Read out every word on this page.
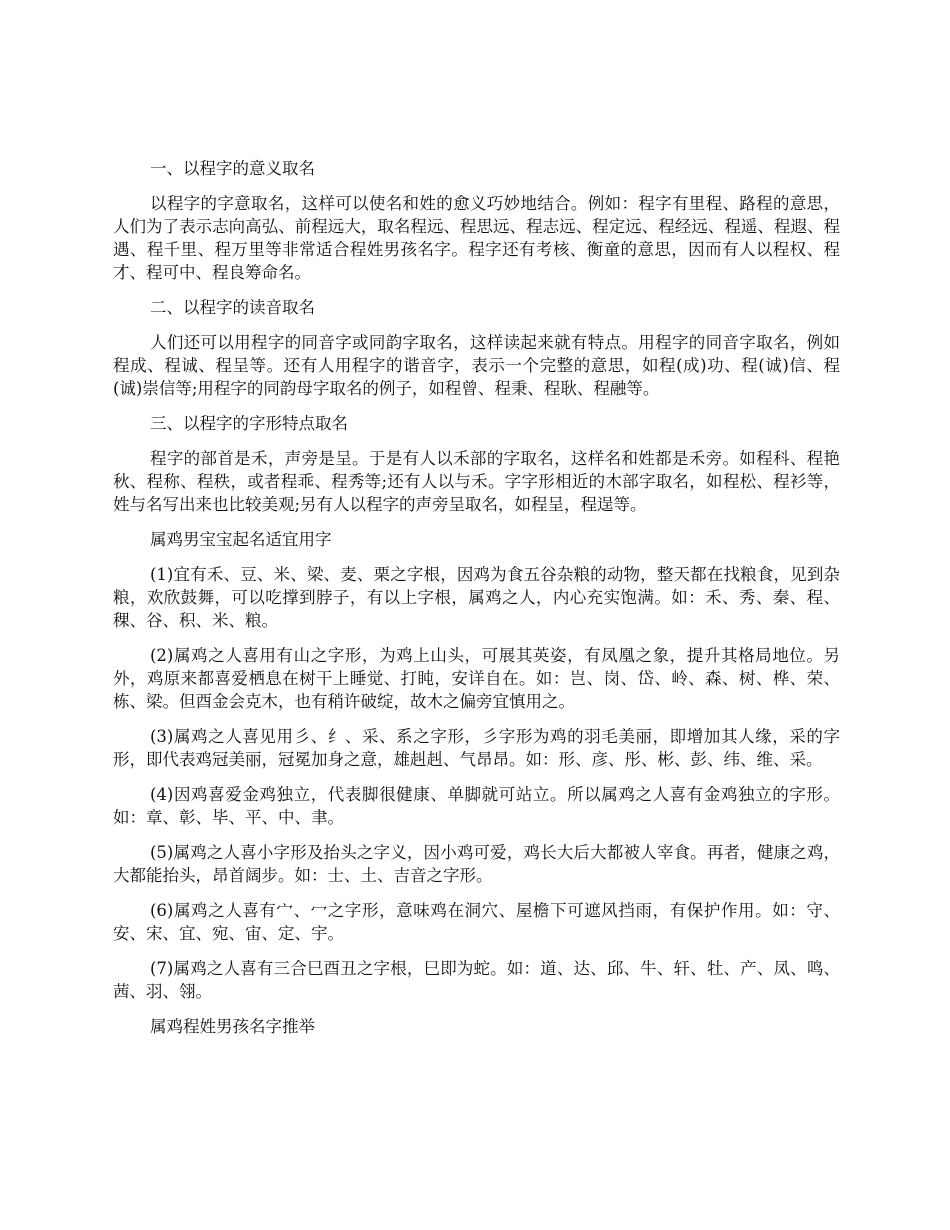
一、以程字的意义取名

以程字的字意取名，这样可以使名和姓的愈义巧妙地结合。例如：程字有里程、路程的意思，人们为了表示志向高弘、前程远大，取名程远、程思远、程志远、程定远、程经远、程遥、程遐、程遇、程千里、程万里等非常适合程姓男孩名字。程字还有考核、衡童的意思，因而有人以程权、程才、程可中、程良筹命名。

二、以程字的读音取名

人们还可以用程字的同音字或同韵字取名，这样读起来就有特点。用程字的同音字取名，例如程成、程诚、程呈等。还有人用程字的谐音字，表示一个完整的意思，如程(成)功、程(诚)信、程(诚)崇信等;用程字的同韵母字取名的例子，如程曾、程秉、程耿、程融等。

三、以程字的字形特点取名

程字的部首是禾，声旁是呈。于是有人以禾部的字取名，这样名和姓都是禾旁。如程科、程艳秋、程称、程秩，或者程乖、程秀等;还有人以与禾。字字形相近的木部字取名，如程松、程衫等，姓与名写出来也比较美观;另有人以程字的声旁呈取名，如程呈，程逞等。

属鸡男宝宝起名适宜用字

(1)宜有禾、豆、米、梁、麦、栗之字根，因鸡为食五谷杂粮的动物，整天都在找粮食，见到杂粮，欢欣鼓舞，可以吃撑到脖子，有以上字根，属鸡之人，内心充实饱满。如：禾、秀、秦、程、稞、谷、积、米、粮。

(2)属鸡之人喜用有山之字形，为鸡上山头，可展其英姿，有凤凰之象，提升其格局地位。另外，鸡原来都喜爱栖息在树干上睡觉、打盹，安详自在。如：岂、岗、岱、岭、森、树、桦、荣、栋、梁。但酉金会克木，也有稍许破绽，故木之偏旁宜慎用之。

(3)属鸡之人喜见用彡、纟、采、系之字形，彡字形为鸡的羽毛美丽，即增加其人缘，采的字形，即代表鸡冠美丽，冠冕加身之意，雄赳赳、气昂昂。如：形、彦、彤、彬、彭、纬、维、采。

(4)因鸡喜爱金鸡独立，代表脚很健康、单脚就可站立。所以属鸡之人喜有金鸡独立的字形。如：章、彰、毕、平、中、聿。

(5)属鸡之人喜小字形及抬头之字义，因小鸡可爱，鸡长大后大都被人宰食。再者，健康之鸡，大都能抬头，昂首阔步。如：士、土、吉音之字形。

(6)属鸡之人喜有宀、冖之字形，意味鸡在洞穴、屋檐下可遮风挡雨，有保护作用。如：守、安、宋、宜、宛、宙、定、宇。

(7)属鸡之人喜有三合巳酉丑之字根，巳即为蛇。如：道、达、邱、牛、轩、牡、产、凤、鸣、茜、羽、翎。

属鸡程姓男孩名字推举
